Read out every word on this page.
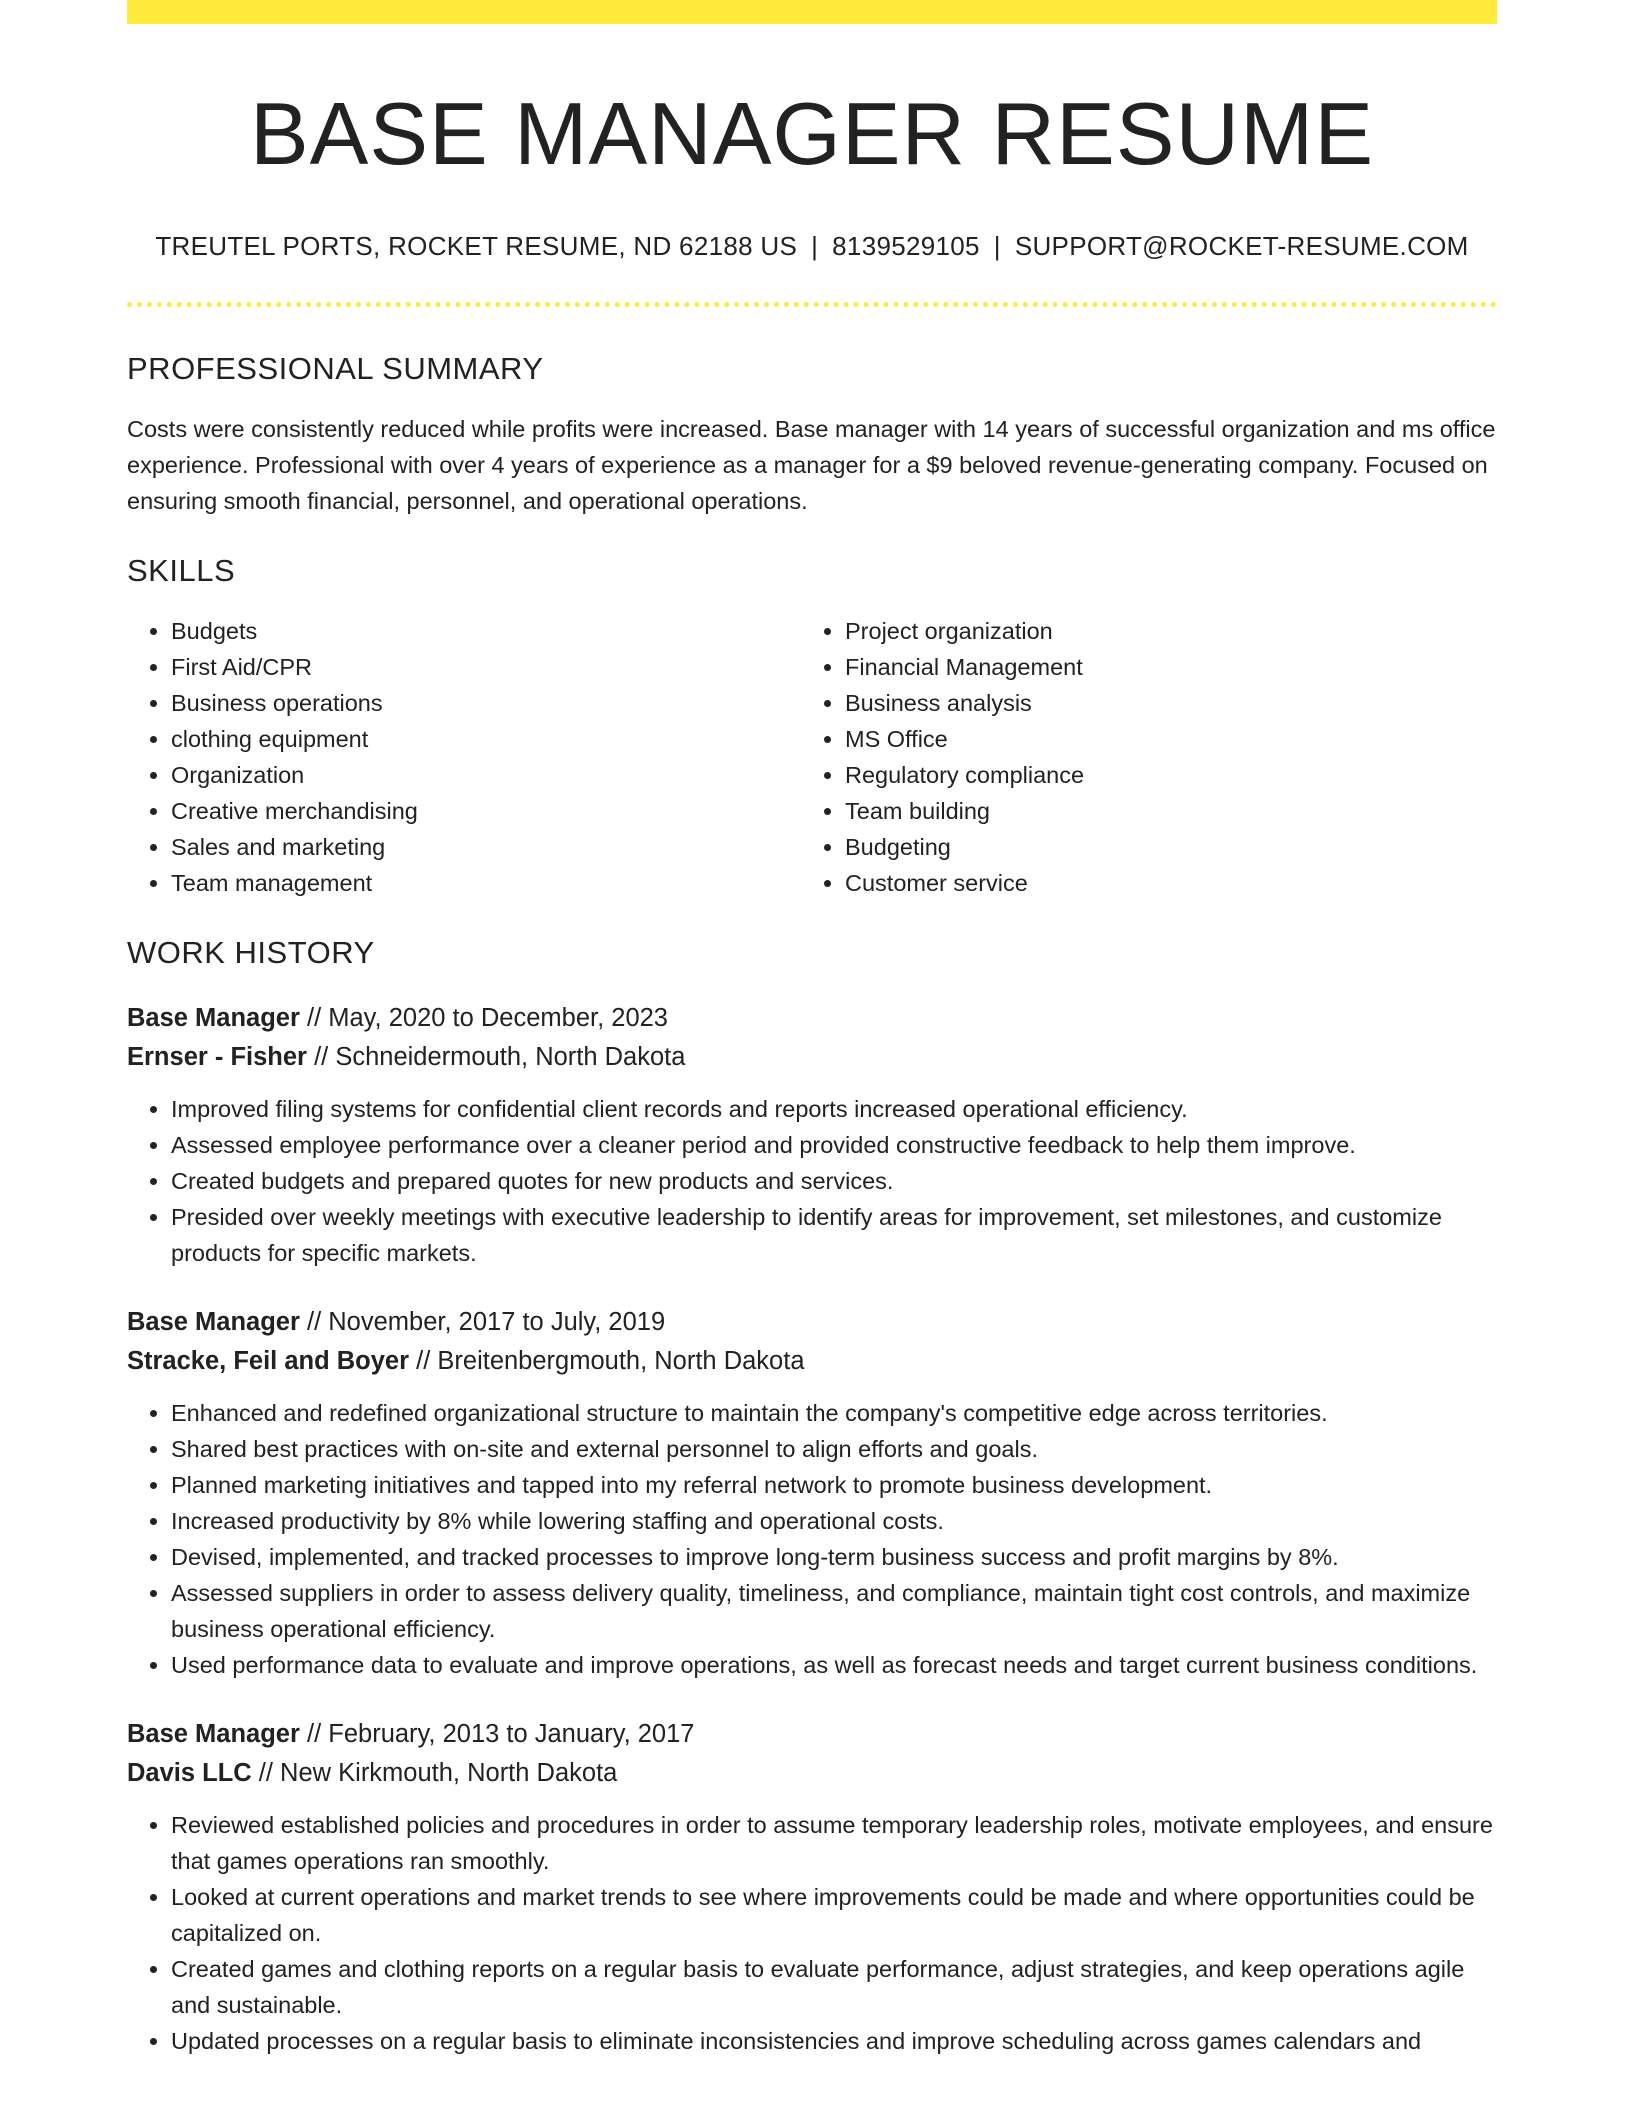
BASE MANAGER RESUME
TREUTEL PORTS, ROCKET RESUME, ND 62188 US | 8139529105 | SUPPORT@ROCKET-RESUME.COM
PROFESSIONAL SUMMARY
Costs were consistently reduced while profits were increased. Base manager with 14 years of successful organization and ms office experience. Professional with over 4 years of experience as a manager for a $9 beloved revenue-generating company. Focused on ensuring smooth financial, personnel, and operational operations.
SKILLS
• Budgets
• First Aid/CPR
• Business operations
• clothing equipment
• Organization
• Creative merchandising
• Sales and marketing
• Team management
• Project organization
• Financial Management
• Business analysis
• MS Office
• Regulatory compliance
• Team building
• Budgeting
• Customer service
WORK HISTORY
Base Manager // May, 2020 to December, 2023
Ernser - Fisher // Schneidermouth, North Dakota
• Improved filing systems for confidential client records and reports increased operational efficiency.
• Assessed employee performance over a cleaner period and provided constructive feedback to help them improve.
• Created budgets and prepared quotes for new products and services.
• Presided over weekly meetings with executive leadership to identify areas for improvement, set milestones, and customize products for specific markets.
Base Manager // November, 2017 to July, 2019
Stracke, Feil and Boyer // Breitenbergmouth, North Dakota
• Enhanced and redefined organizational structure to maintain the company's competitive edge across territories.
• Shared best practices with on-site and external personnel to align efforts and goals.
• Planned marketing initiatives and tapped into my referral network to promote business development.
• Increased productivity by 8% while lowering staffing and operational costs.
• Devised, implemented, and tracked processes to improve long-term business success and profit margins by 8%.
• Assessed suppliers in order to assess delivery quality, timeliness, and compliance, maintain tight cost controls, and maximize business operational efficiency.
• Used performance data to evaluate and improve operations, as well as forecast needs and target current business conditions.
Base Manager // February, 2013 to January, 2017
Davis LLC // New Kirkmouth, North Dakota
• Reviewed established policies and procedures in order to assume temporary leadership roles, motivate employees, and ensure that games operations ran smoothly.
• Looked at current operations and market trends to see where improvements could be made and where opportunities could be capitalized on.
• Created games and clothing reports on a regular basis to evaluate performance, adjust strategies, and keep operations agile and sustainable.
• Updated processes on a regular basis to eliminate inconsistencies and improve scheduling across games calendars and
